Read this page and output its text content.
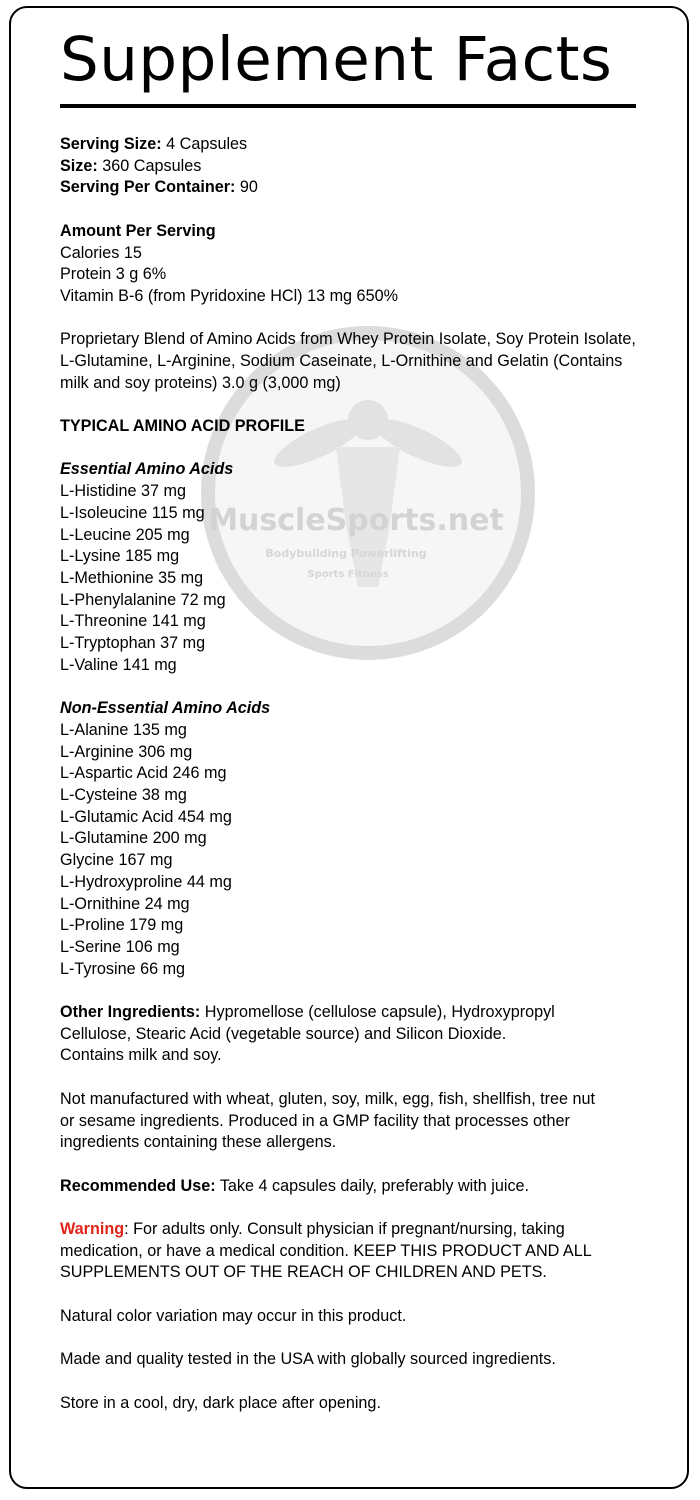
Supplement Facts
MuscleSports.net
Bodybuilding Powerlifting
Sports Fitness
Serving Size: 4 Capsules
Size: 360 Capsules
Serving Per Container: 90
Amount Per Serving
Calories 15
Protein 3 g 6%
Vitamin B-6 (from Pyridoxine HCl) 13 mg 650%
Proprietary Blend of Amino Acids from Whey Protein Isolate, Soy Protein Isolate, L-Glutamine, L-Arginine, Sodium Caseinate, L-Ornithine and Gelatin (Contains milk and soy proteins) 3.0 g (3,000 mg)
TYPICAL AMINO ACID PROFILE
Essential Amino Acids
L-Histidine 37 mg
L-Isoleucine 115 mg
L-Leucine 205 mg
L-Lysine 185 mg
L-Methionine 35 mg
L-Phenylalanine 72 mg
L-Threonine 141 mg
L-Tryptophan 37 mg
L-Valine 141 mg
Non-Essential Amino Acids
L-Alanine 135 mg
L-Arginine 306 mg
L-Aspartic Acid 246 mg
L-Cysteine 38 mg
L-Glutamic Acid 454 mg
L-Glutamine 200 mg
Glycine 167 mg
L-Hydroxyproline 44 mg
L-Ornithine 24 mg
L-Proline 179 mg
L-Serine 106 mg
L-Tyrosine 66 mg
Other Ingredients: Hypromellose (cellulose capsule), Hydroxypropyl
Cellulose, Stearic Acid (vegetable source) and Silicon Dioxide.
Contains milk and soy.
Not manufactured with wheat, gluten, soy, milk, egg, fish, shellfish, tree nut
or sesame ingredients. Produced in a GMP facility that processes other
ingredients containing these allergens.
Recommended Use: Take 4 capsules daily, preferably with juice.
Warning: For adults only. Consult physician if pregnant/nursing, taking
medication, or have a medical condition. KEEP THIS PRODUCT AND ALL
SUPPLEMENTS OUT OF THE REACH OF CHILDREN AND PETS.
Natural color variation may occur in this product.
Made and quality tested in the USA with globally sourced ingredients.
Store in a cool, dry, dark place after opening.
